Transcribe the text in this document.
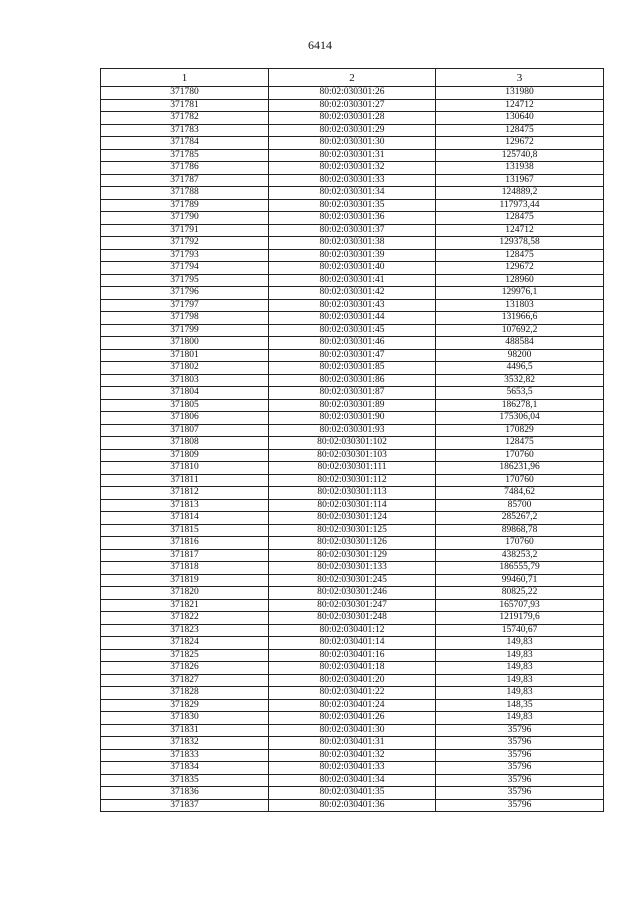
6414
1	2	3
371780	80:02:030301:26	131980
371781	80:02:030301:27	124712
371782	80:02:030301:28	130640
371783	80:02:030301:29	128475
371784	80:02:030301:30	129672
371785	80:02:030301:31	125740,8
371786	80:02:030301:32	131938
371787	80:02:030301:33	131967
371788	80:02:030301:34	124889,2
371789	80:02:030301:35	117973,44
371790	80:02:030301:36	128475
371791	80:02:030301:37	124712
371792	80:02:030301:38	129378,58
371793	80:02:030301:39	128475
371794	80:02:030301:40	129672
371795	80:02:030301:41	128960
371796	80:02:030301:42	129976,1
371797	80:02:030301:43	131803
371798	80:02:030301:44	131966,6
371799	80:02:030301:45	107692,2
371800	80:02:030301:46	488584
371801	80:02:030301:47	98200
371802	80:02:030301:85	4496,5
371803	80:02:030301:86	3532,82
371804	80:02:030301:87	5653,5
371805	80:02:030301:89	186278,1
371806	80:02:030301:90	175306,04
371807	80:02:030301:93	170829
371808	80:02:030301:102	128475
371809	80:02:030301:103	170760
371810	80:02:030301:111	186231,96
371811	80:02:030301:112	170760
371812	80:02:030301:113	7484,62
371813	80:02:030301:114	85700
371814	80:02:030301:124	285267,2
371815	80:02:030301:125	89868,78
371816	80:02:030301:126	170760
371817	80:02:030301:129	438253,2
371818	80:02:030301:133	186555,79
371819	80:02:030301:245	99460,71
371820	80:02:030301:246	80825,22
371821	80:02:030301:247	165707,93
371822	80:02:030301:248	1219179,6
371823	80:02:030401:12	15740,67
371824	80:02:030401:14	149,83
371825	80:02:030401:16	149,83
371826	80:02:030401:18	149,83
371827	80:02:030401:20	149,83
371828	80:02:030401:22	149,83
371829	80:02:030401:24	148,35
371830	80:02:030401:26	149,83
371831	80:02:030401:30	35796
371832	80:02:030401:31	35796
371833	80:02:030401:32	35796
371834	80:02:030401:33	35796
371835	80:02:030401:34	35796
371836	80:02:030401:35	35796
371837	80:02:030401:36	35796
